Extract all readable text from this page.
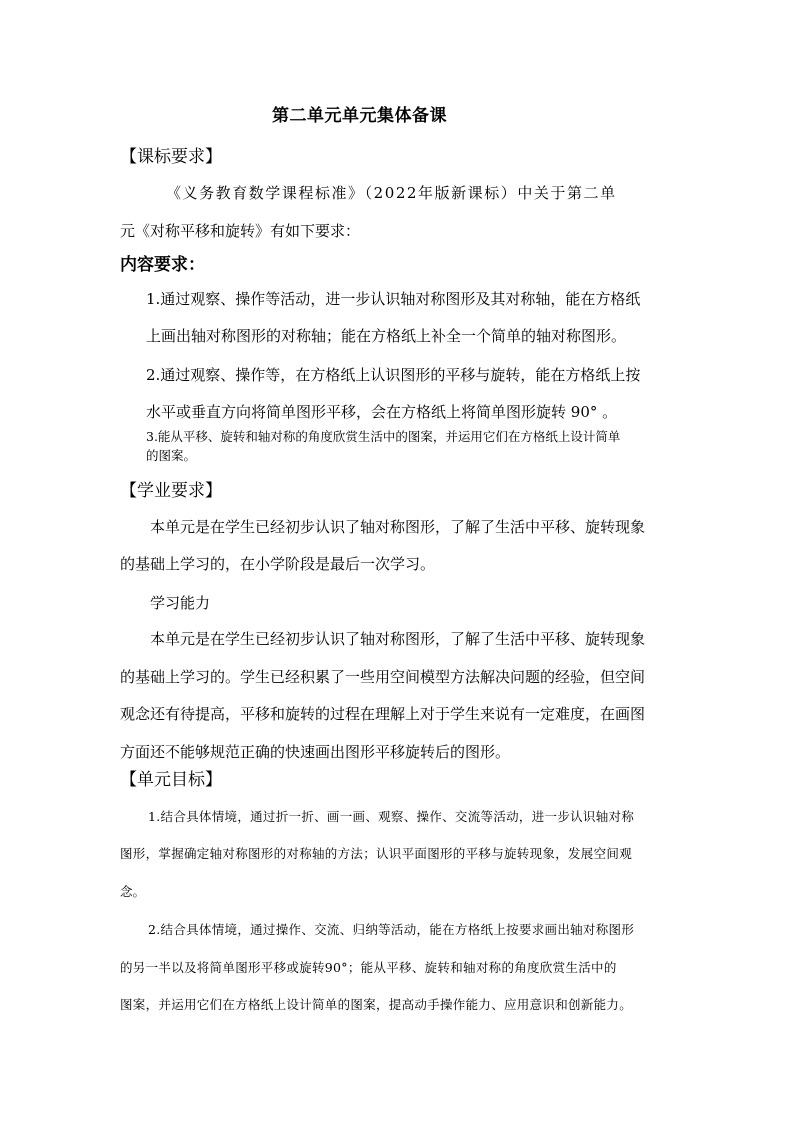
第二单元单元集体备课
【课标要求】
《义务教育数学课程标准》（2022年版新课标）中关于第二单
元《对称平移和旋转》有如下要求：
内容要求：
1.通过观察、操作等活动，进一步认识轴对称图形及其对称轴，能在方格纸
上画出轴对称图形的对称轴；能在方格纸上补全一个简单的轴对称图形。
2.通过观察、操作等，在方格纸上认识图形的平移与旋转，能在方格纸上按
水平或垂直方向将简单图形平移，会在方格纸上将简单图形旋转 90° 。
3.能从平移、旋转和轴对称的角度欣赏生活中的图案，并运用它们在方格纸上设计简单
的图案。
【学业要求】
本单元是在学生已经初步认识了轴对称图形，了解了生活中平移、旋转现象
的基础上学习的，在小学阶段是最后一次学习。
学习能力
本单元是在学生已经初步认识了轴对称图形，了解了生活中平移、旋转现象
的基础上学习的。学生已经积累了一些用空间模型方法解决问题的经验，但空间
观念还有待提高，平移和旋转的过程在理解上对于学生来说有一定难度，在画图
方面还不能够规范正确的快速画出图形平移旋转后的图形。
【单元目标】
1.结合具体情境，通过折一折、画一画、观察、操作、交流等活动，进一步认识轴对称
图形，掌握确定轴对称图形的对称轴的方法；认识平面图形的平移与旋转现象，发展空间观
念。
2.结合具体情境，通过操作、交流、归纳等活动，能在方格纸上按要求画出轴对称图形
的另一半以及将简单图形平移或旋转90°；能从平移、旋转和轴对称的角度欣赏生活中的
图案，并运用它们在方格纸上设计简单的图案，提高动手操作能力、应用意识和创新能力。
